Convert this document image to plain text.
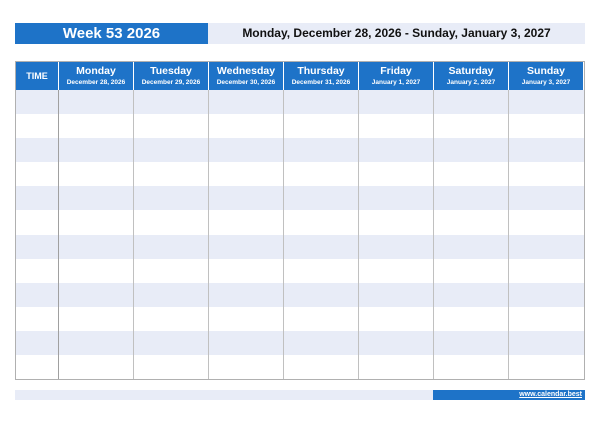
Week 53 2026	Monday, December 28, 2026 - Sunday, January 3, 2027
TIME	Monday
December 28, 2026
Tuesday
December 29, 2026
Wednesday
December 30, 2026
Thursday
December 31, 2026
Friday
January 1, 2027
Saturday
January 2, 2027
Sunday
January 3, 2027
www.calendar.best
